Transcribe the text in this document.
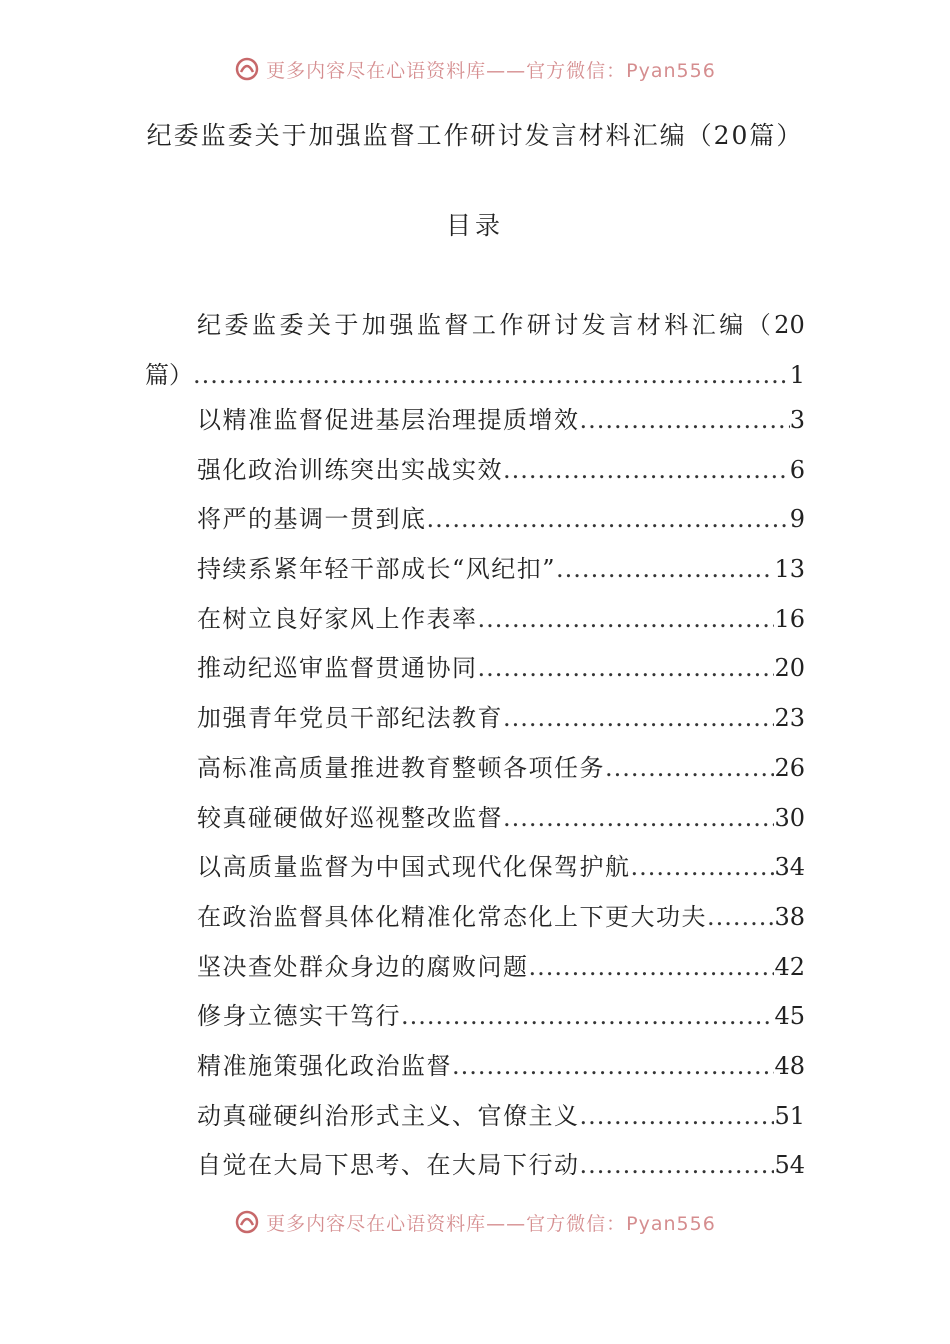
更多内容尽在心语资料库——官方微信：Pyan556
纪委监委关于加强监督工作研讨发言材料汇编（20篇）
目录
纪 委 监 委 关 于 加 强 监 督 工 作 研 讨 发 言 材 料 汇 编 （ 20
篇） .....	1
以精准监督促进基层治理提质增效 .....	3
强化政治训练突出实战实效 .....	6
将严的基调一贯到底 .....	9
持续系紧年轻干部成长“风纪扣” .....	13
在树立良好家风上作表率 .....	16
推动纪巡审监督贯通协同 .....	20
加强青年党员干部纪法教育 .....	23
高标准高质量推进教育整顿各项任务 .....	26
较真碰硬做好巡视整改监督 .....	30
以高质量监督为中国式现代化保驾护航 .....	34
在政治监督具体化精准化常态化上下更大功夫 .....	38
坚决查处群众身边的腐败问题 .....	42
修身立德实干笃行 .....	45
精准施策强化政治监督 .....	48
动真碰硬纠治形式主义、官僚主义 .....	51
自觉在大局下思考、在大局下行动 .....	54
更多内容尽在心语资料库——官方微信：Pyan556
